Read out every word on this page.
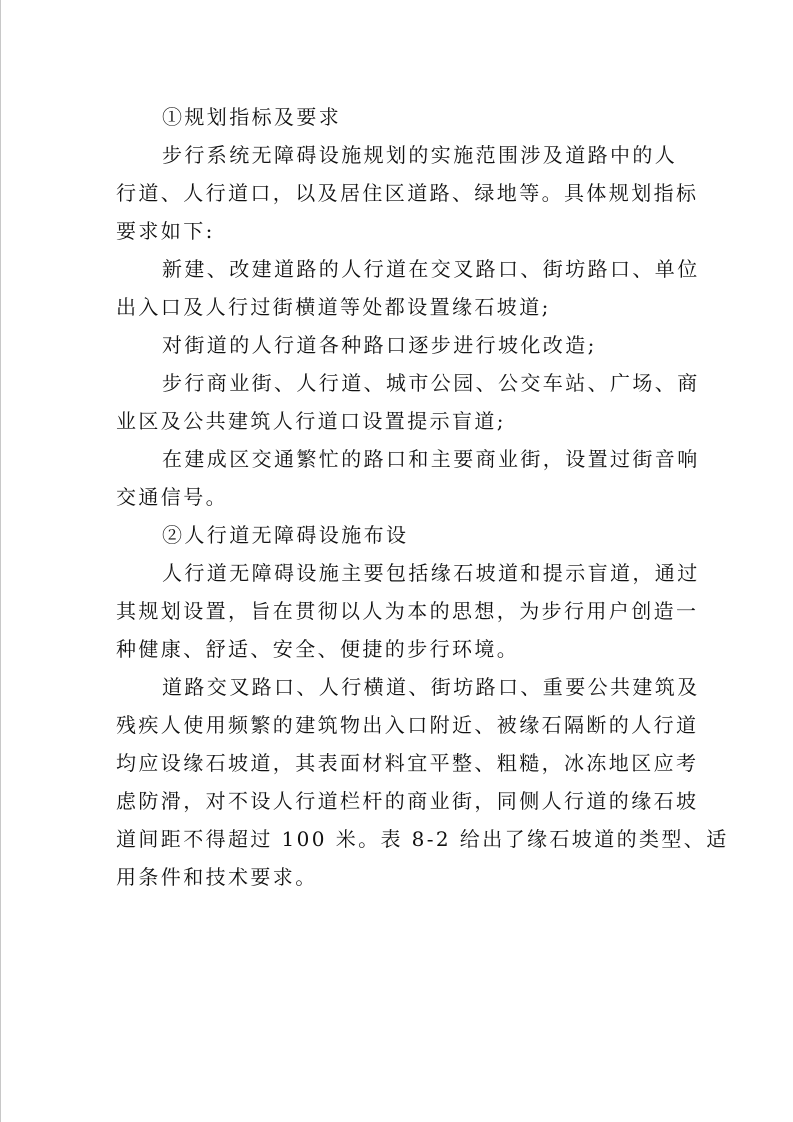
①规划指标及要求
步行系统无障碍设施规划的实施范围涉及道路中的人
行道、人行道口，以及居住区道路、绿地等。具体规划指标
要求如下:
新建、改建道路的人行道在交叉路口、街坊路口、单位
出入口及人行过街横道等处都设置缘石坡道;
对街道的人行道各种路口逐步进行坡化改造;
步行商业街、人行道、城市公园、公交车站、广场、商
业区及公共建筑人行道口设置提示盲道;
在建成区交通繁忙的路口和主要商业街，设置过街音响
交通信号。
②人行道无障碍设施布设
人行道无障碍设施主要包括缘石坡道和提示盲道，通过
其规划设置，旨在贯彻以人为本的思想，为步行用户创造一
种健康、舒适、安全、便捷的步行环境。
道路交叉路口、人行横道、街坊路口、重要公共建筑及
残疾人使用频繁的建筑物出入口附近、被缘石隔断的人行道
均应设缘石坡道，其表面材料宜平整、粗糙，冰冻地区应考
虑防滑，对不设人行道栏杆的商业街，同侧人行道的缘石坡
道间距不得超过 100 米。表 8-2 给出了缘石坡道的类型、适
用条件和技术要求。
